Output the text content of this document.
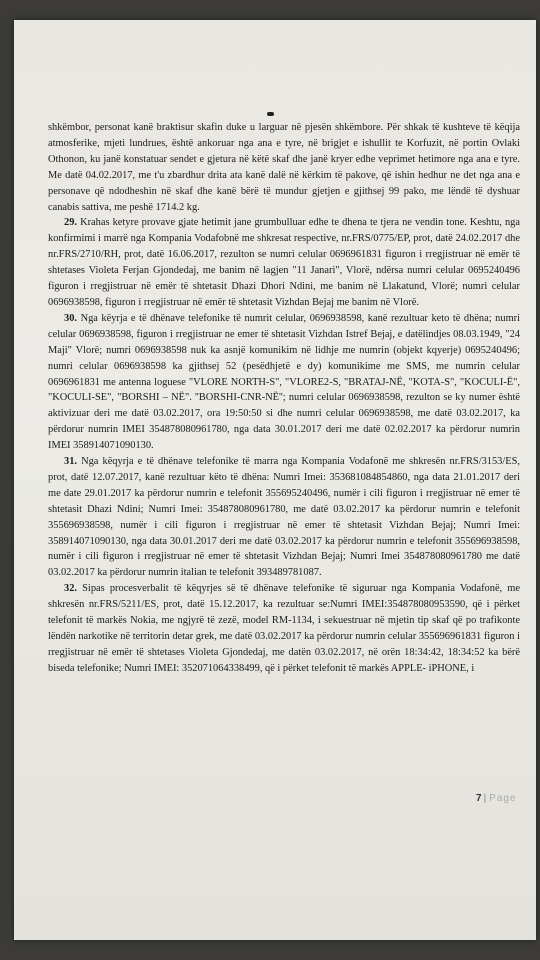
shkëmbor, personat kanë braktisur skafin duke u larguar në pjesën shkëmbore. Për shkak të kushteve të këqija atmosferike, mjeti lundrues, është ankoruar nga ana e tyre, në brigjet e ishullit te Korfuzit, në portin Ovlaki Othonon, ku janë konstatuar sendet e gjetura në këtë skaf dhe janë kryer edhe veprimet hetimore nga ana e tyre. Me datë 04.02.2017, me t'u zbardhur drita ata kanë dalë në kërkim të pakove, që ishin hedhur ne det nga ana e personave që ndodheshin në skaf dhe kanë bërë të mundur gjetjen e gjithsej 99 pako, me lëndë të dyshuar canabis sattiva, me peshë 1714.2 kg.

29. Krahas ketyre provave gjate hetimit jane grumbulluar edhe te dhena te tjera ne vendin tone. Keshtu, nga konfirmimi i marrë nga Kompania Vodafobnë me shkresat respective, nr.FRS/0775/EP, prot, datë 24.02.2017 dhe nr.FRS/2710/RH, prot, datë 16.06.2017, rezulton se numri celular 0696961831 figuron i rregjistruar në emër të shtetases Violeta Ferjan Gjondedaj, me banim në lagjen "11 Janari", Vlorë, ndërsa numri celular 0695240496 figuron i rregjistruar në emër të shtetasit Dhazi Dhori Ndini, me banim në Llakatund, Vlorë; numri celular 0696938598, figuron i rregjistruar në emër të shtetasit Vizhdan Bejaj me banim në Vlorë.

30. Nga këyrja e të dhënave telefonike të numrit celular, 0696938598, kanë rezultuar keto të dhëna; numri celular 0696938598, figuron i rregjistruar ne emer të shtetasit Vizhdan Istref Bejaj, e datëlindjes 08.03.1949, "24 Maji" Vlorë; numri 0696938598 nuk ka asnjë komunikim në lidhje me numrin (objekt kqyerje) 0695240496; numri celular 0696938598 ka gjithsej 52 (pesëdhjetë e dy) komunikime me SMS, me numrin celular 0696961831 me antenna loguese "VLORE NORTH-S", "VLORE2-S, "BRATAJ-NË, "KOTA-S", "KOCULI-Ë", "KOCULI-SE", "BORSHI – NË". ''BORSHI-CNR-NË''; numri celular 0696938598, rezulton se ky numer është aktivizuar deri me datë 03.02.2017, ora 19:50:50 si dhe numri celular 0696938598, me datë 03.02.2017, ka përdorur numrin IMEI 354878080961780, nga data 30.01.2017 deri me datë 02.02.2017 ka përdorur numrin IMEI 358914071090130.

31. Nga këqyrja e të dhënave telefonike të marra nga Kompania Vodafonë me shkresën nr.FRS/3153/ES, prot, datë 12.07.2017, kanë rezultuar këto të dhëna: Numri Imei: 353681084854860, nga data 21.01.2017 deri me date 29.01.2017 ka përdorur numrin e telefonit 355695240496, numër i cili figuron i rregjistruar në emer të shtetasit Dhazi Ndini; Numri Imei: 354878080961780, me datë 03.02.2017 ka përdorur numrin e telefonit 355696938598, numër i cili figuron i rregjistruar në emer të shtetasit Vizhdan Bejaj; Numri Imei: 358914071090130, nga data 30.01.2017 deri me datë 03.02.2017 ka përdorur numrin e telefonit 355696938598, numër i cili figuron i rregjistruar në emer të shtetasit Vizhdan Bejaj; Numri Imei 354878080961780 me datë 03.02.2017 ka përdorur numrin italian te telefonit 393489781087.

32. Sipas procesverbalit të këqyrjes së të dhënave telefonike të siguruar nga Kompania Vodafonë, me shkresën nr.FRS/5211/ES, prot, datë 15.12.2017, ka rezultuar se:Numri IMEI:354878080953590, që i përket telefonit të markës Nokia, me ngjyrë të zezë, model RM-1134, i sekuestruar në mjetin tip skaf që po trafikonte lëndën narkotike në territorin detar grek, me datë 03.02.2017 ka përdorur numrin celular 355696961831 figuron i rregjistruar në emër të shtetases Violeta Gjondedaj, me datën 03.02.2017, në orën 18:34:42, 18:34:52 ka bërë biseda telefonike; Numri IMEI: 352071064338499, që i përket telefonit të markës APPLE- iPHONE, i

7 | Page
